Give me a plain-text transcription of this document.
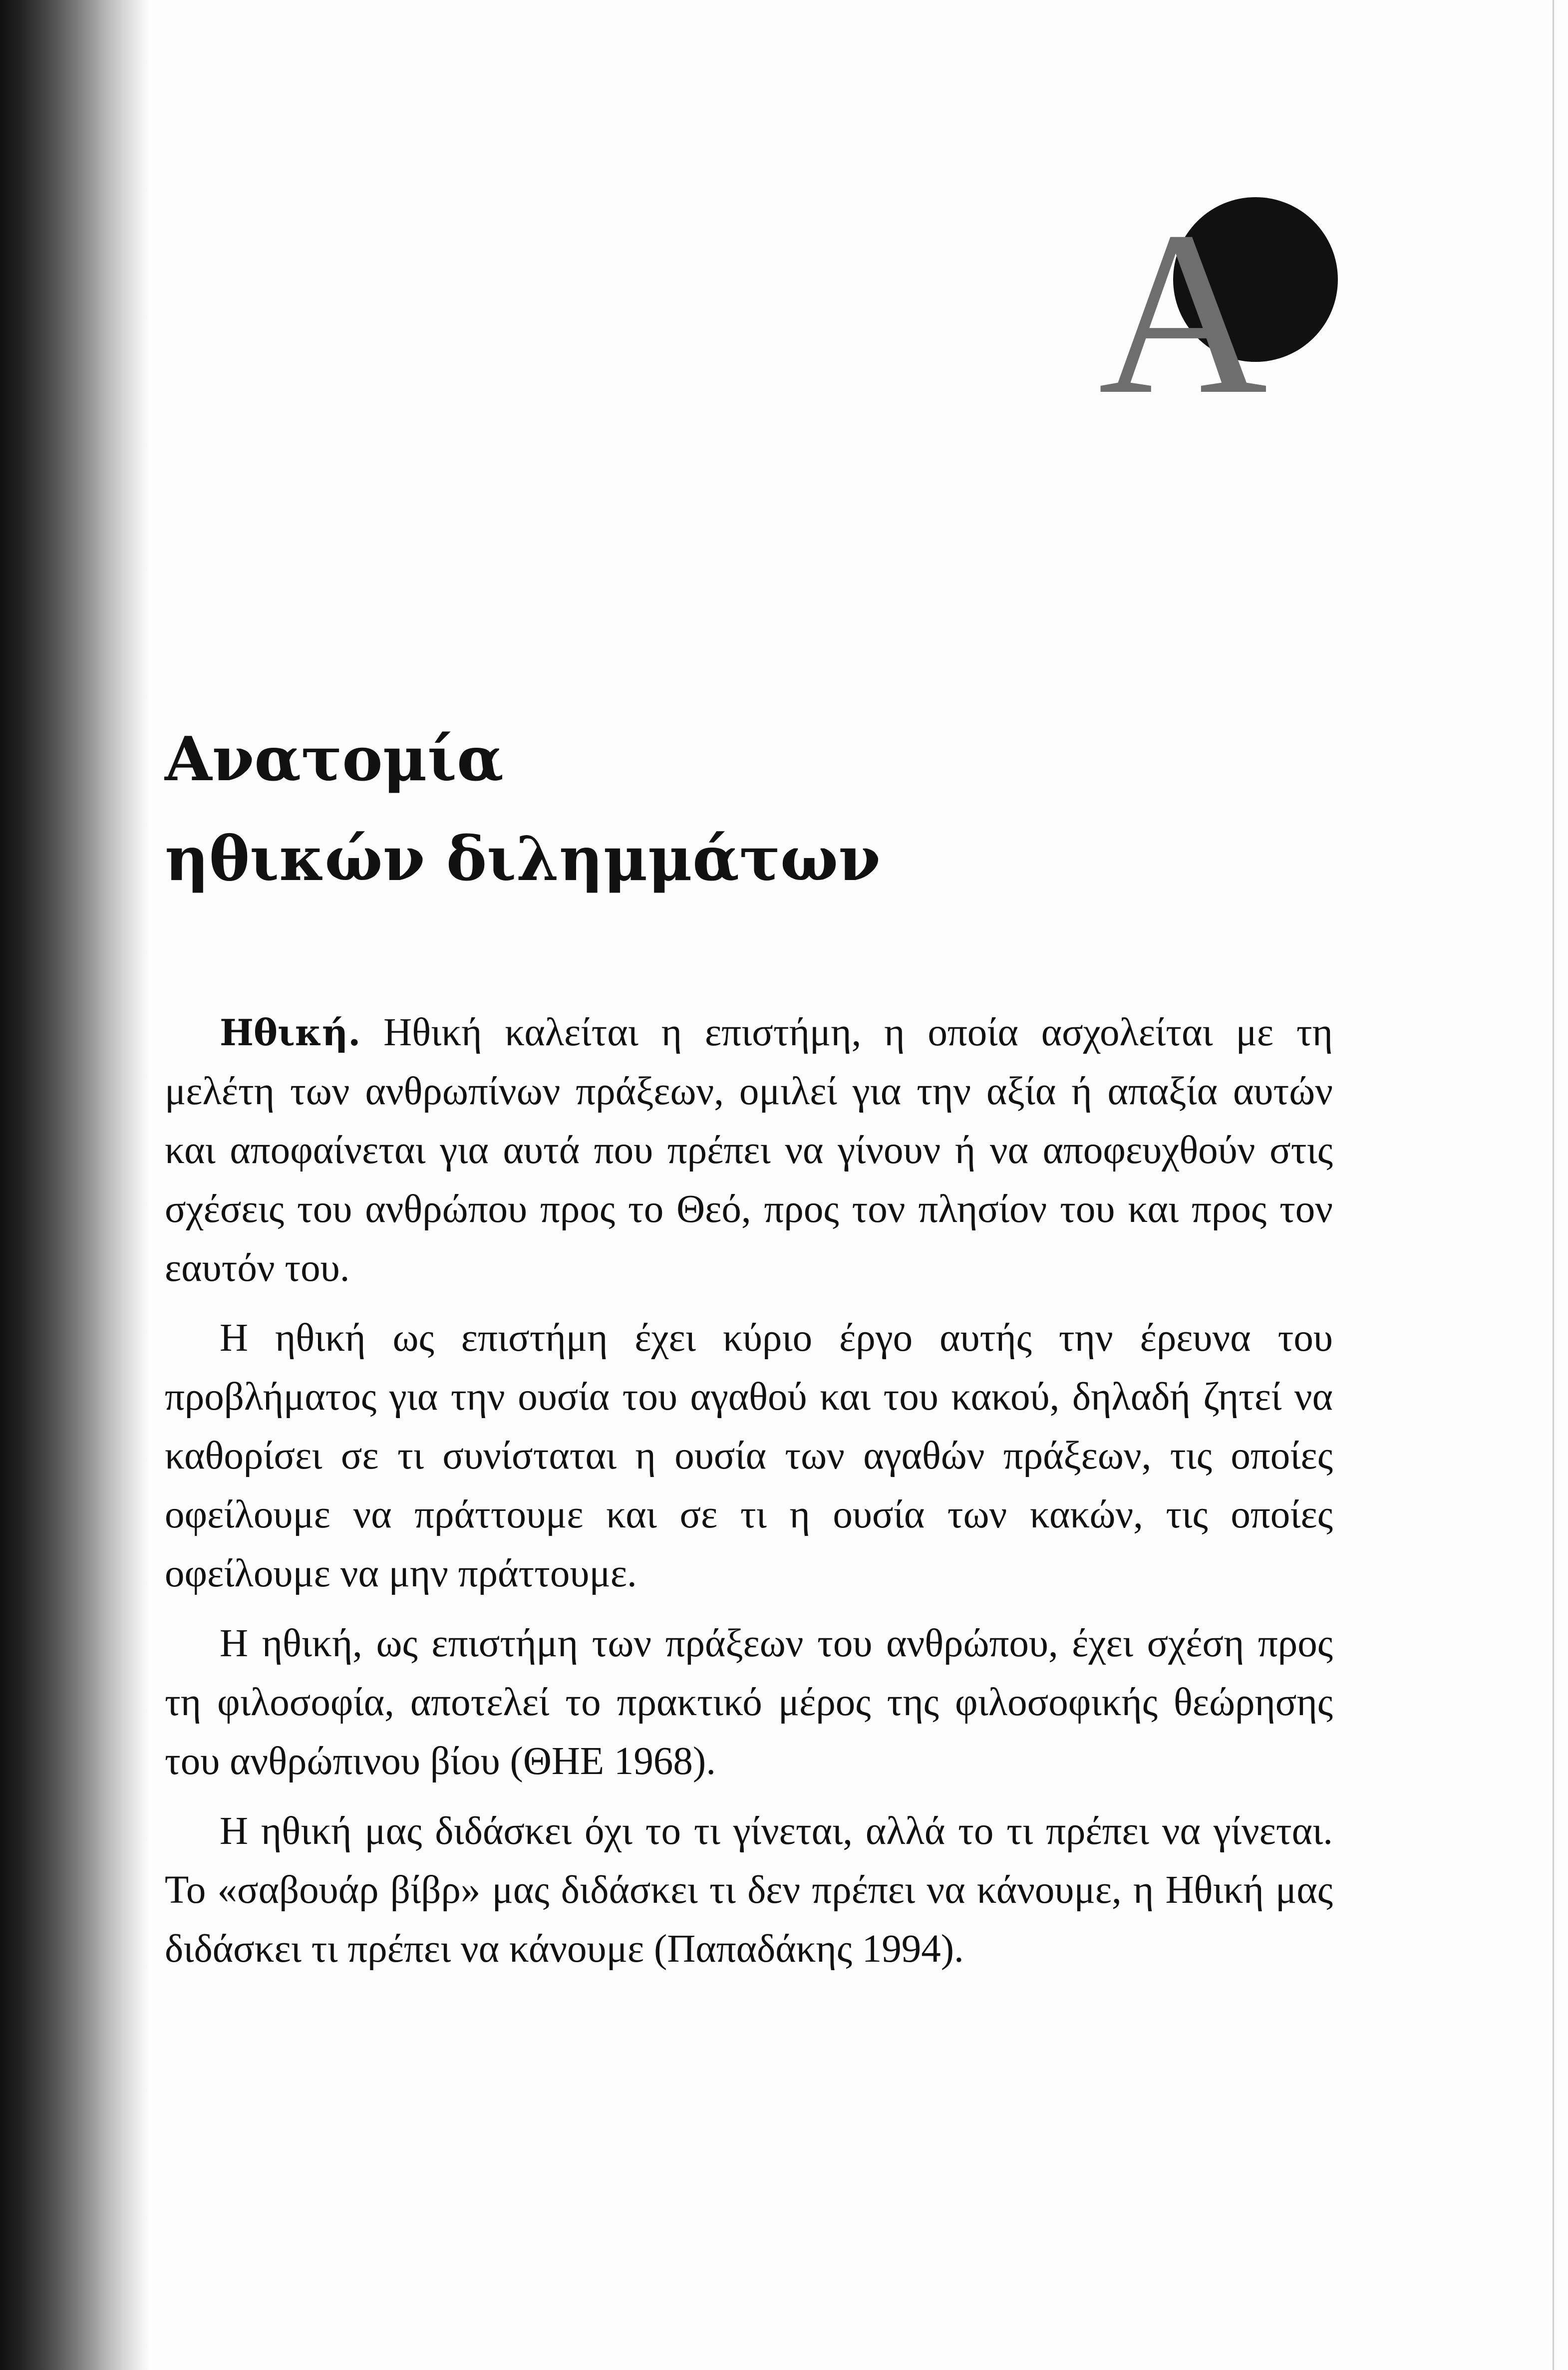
A
Ανατομία
ηθικών διλημμάτων

Ηθική. Ηθική καλείται η επιστήμη, η οποία ασχολείται με τη μελέτη των ανθρωπίνων πράξεων, ομιλεί για την αξία ή απαξία αυτών και αποφαίνεται για αυτά που πρέπει να γίνουν ή να αποφευχθούν στις σχέσεις του ανθρώπου προς το Θεό, προς τον πλησίον του και προς τον εαυτόν του.

Η ηθική ως επιστήμη έχει κύριο έργο αυτής την έρευνα του προβλήματος για την ουσία του αγαθού και του κακού, δηλαδή ζητεί να καθορίσει σε τι συνίσταται η ουσία των αγαθών πράξεων, τις οποίες οφείλουμε να πράττουμε και σε τι η ουσία των κακών, τις οποίες οφείλουμε να μην πράττουμε.

Η ηθική, ως επιστήμη των πράξεων του ανθρώπου, έχει σχέση προς τη φιλοσοφία, αποτελεί το πρακτικό μέρος της φιλοσοφικής θεώρησης του ανθρώπινου βίου (ΘΗΕ 1968).

Η ηθική μας διδάσκει όχι το τι γίνεται, αλλά το τι πρέπει να γίνεται. Το «σαβουάρ βίβρ» μας διδάσκει τι δεν πρέπει να κάνουμε, η Ηθική μας διδάσκει τι πρέπει να κάνουμε (Παπαδάκης 1994).
